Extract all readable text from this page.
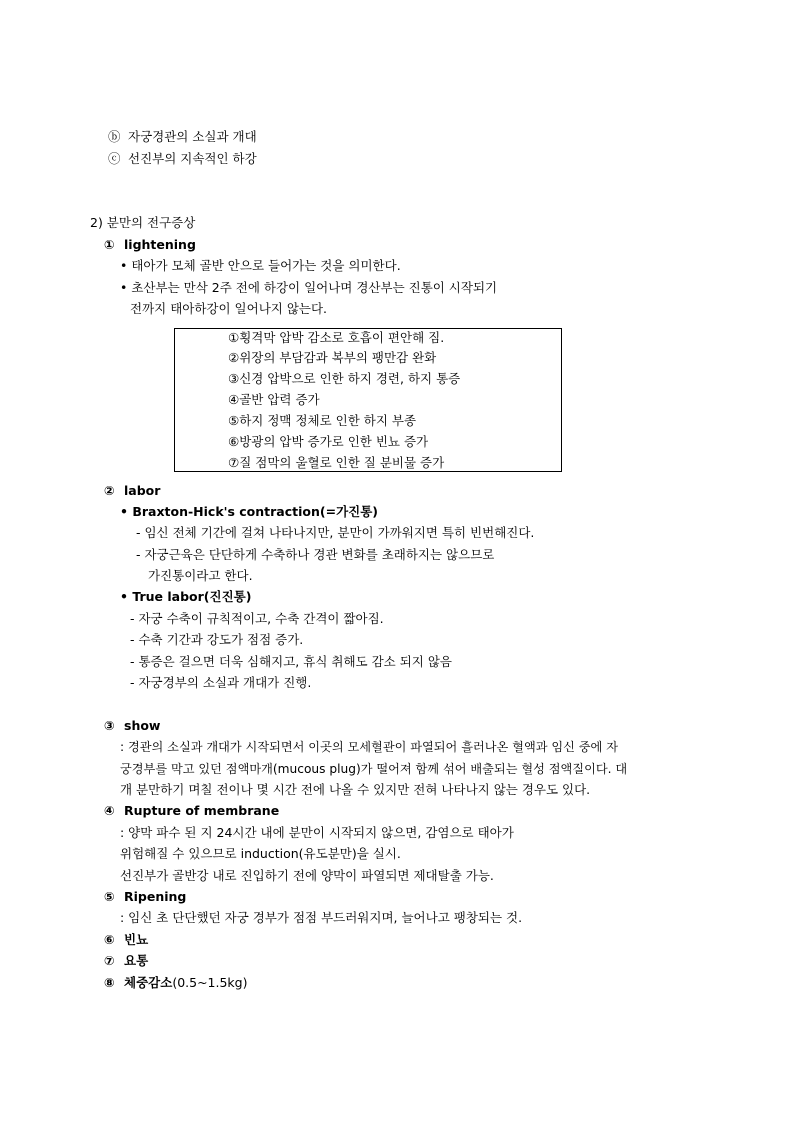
ⓑ 자궁경관의 소실과 개대
ⓒ 선진부의 지속적인 하강
2) 분만의 전구증상
① lightening
• 태아가 모체 골반 안으로 들어가는 것을 의미한다.
• 초산부는 만삭 2주 전에 하강이 일어나며 경산부는 진통이 시작되기
전까지 태아하강이 일어나지 않는다.
①횡격막 압박 감소로 호흡이 편안해 짐.
②위장의 부담감과 복부의 팽만감 완화
③신경 압박으로 인한 하지 경련, 하지 통증
④골반 압력 증가
⑤하지 정맥 정체로 인한 하지 부종
⑥방광의 압박 증가로 인한 빈뇨 증가
⑦질 점막의 울혈로 인한 질 분비물 증가
② labor
• Braxton-Hick's contraction(=가진통)
- 임신 전체 기간에 걸쳐 나타나지만, 분만이 가까워지면 특히 빈번해진다.
- 자궁근육은 단단하게 수축하나 경관 변화를 초래하지는 않으므로
가진통이라고 한다.
• True labor(진진통)
- 자궁 수축이 규칙적이고, 수축 간격이 짧아짐.
- 수축 기간과 강도가 점점 증가.
- 통증은 걸으면 더욱 심해지고, 휴식 취해도 감소 되지 않음
- 자궁경부의 소실과 개대가 진행.
③ show
: 경관의 소실과 개대가 시작되면서 이곳의 모세혈관이 파열되어 흘러나온 혈액과 임신 중에 자
궁경부를 막고 있던 점액마개(mucous plug)가 떨어져 함께 섞어 배출되는 혈성 점액질이다. 대
개 분만하기 며칠 전이나 몇 시간 전에 나올 수 있지만 전혀 나타나지 않는 경우도 있다.
④ Rupture of membrane
: 양막 파수 된 지 24시간 내에 분만이 시작되지 않으면, 감염으로 태아가
위험해질 수 있으므로 induction(유도분만)을 실시.
선진부가 골반강 내로 진입하기 전에 양막이 파열되면 제대탈출 가능.
⑤ Ripening
: 임신 초 단단했던 자궁 경부가 점점 부드러워지며, 늘어나고 팽창되는 것.
⑥ 빈뇨
⑦ 요통
⑧ 체중감소(0.5~1.5kg)
